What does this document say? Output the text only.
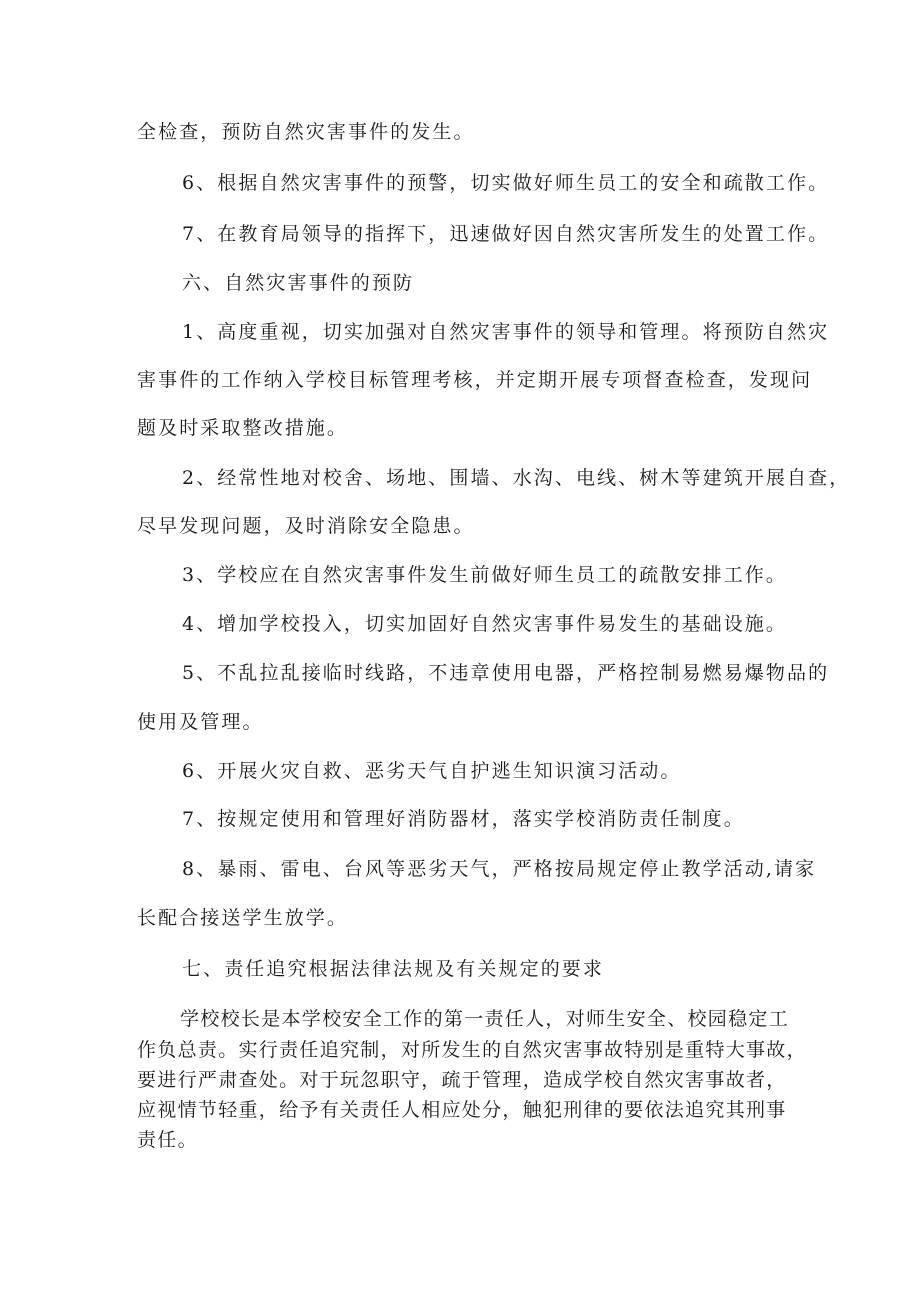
全检查，预防自然灾害事件的发生。
6、根据自然灾害事件的预警，切实做好师生员工的安全和疏散工作。
7、在教育局领导的指挥下，迅速做好因自然灾害所发生的处置工作。
六、自然灾害事件的预防
1、高度重视，切实加强对自然灾害事件的领导和管理。将预防自然灾
害事件的工作纳入学校目标管理考核，并定期开展专项督查检查，发现问
题及时采取整改措施。
2、经常性地对校舍、场地、围墙、水沟、电线、树木等建筑开展自查，
尽早发现问题，及时消除安全隐患。
3、学校应在自然灾害事件发生前做好师生员工的疏散安排工作。
4、增加学校投入，切实加固好自然灾害事件易发生的基础设施。
5、不乱拉乱接临时线路，不违章使用电器，严格控制易燃易爆物品的
使用及管理。
6、开展火灾自救、恶劣天气自护逃生知识演习活动。
7、按规定使用和管理好消防器材，落实学校消防责任制度。
8、暴雨、雷电、台风等恶劣天气，严格按局规定停止教学活动,请家
长配合接送学生放学。
七、责任追究根据法律法规及有关规定的要求
学校校长是本学校安全工作的第一责任人，对师生安全、校园稳定工
作负总责。实行责任追究制，对所发生的自然灾害事故特别是重特大事故，
要进行严肃查处。对于玩忽职守，疏于管理，造成学校自然灾害事故者，
应视情节轻重，给予有关责任人相应处分，触犯刑律的要依法追究其刑事
责任。
